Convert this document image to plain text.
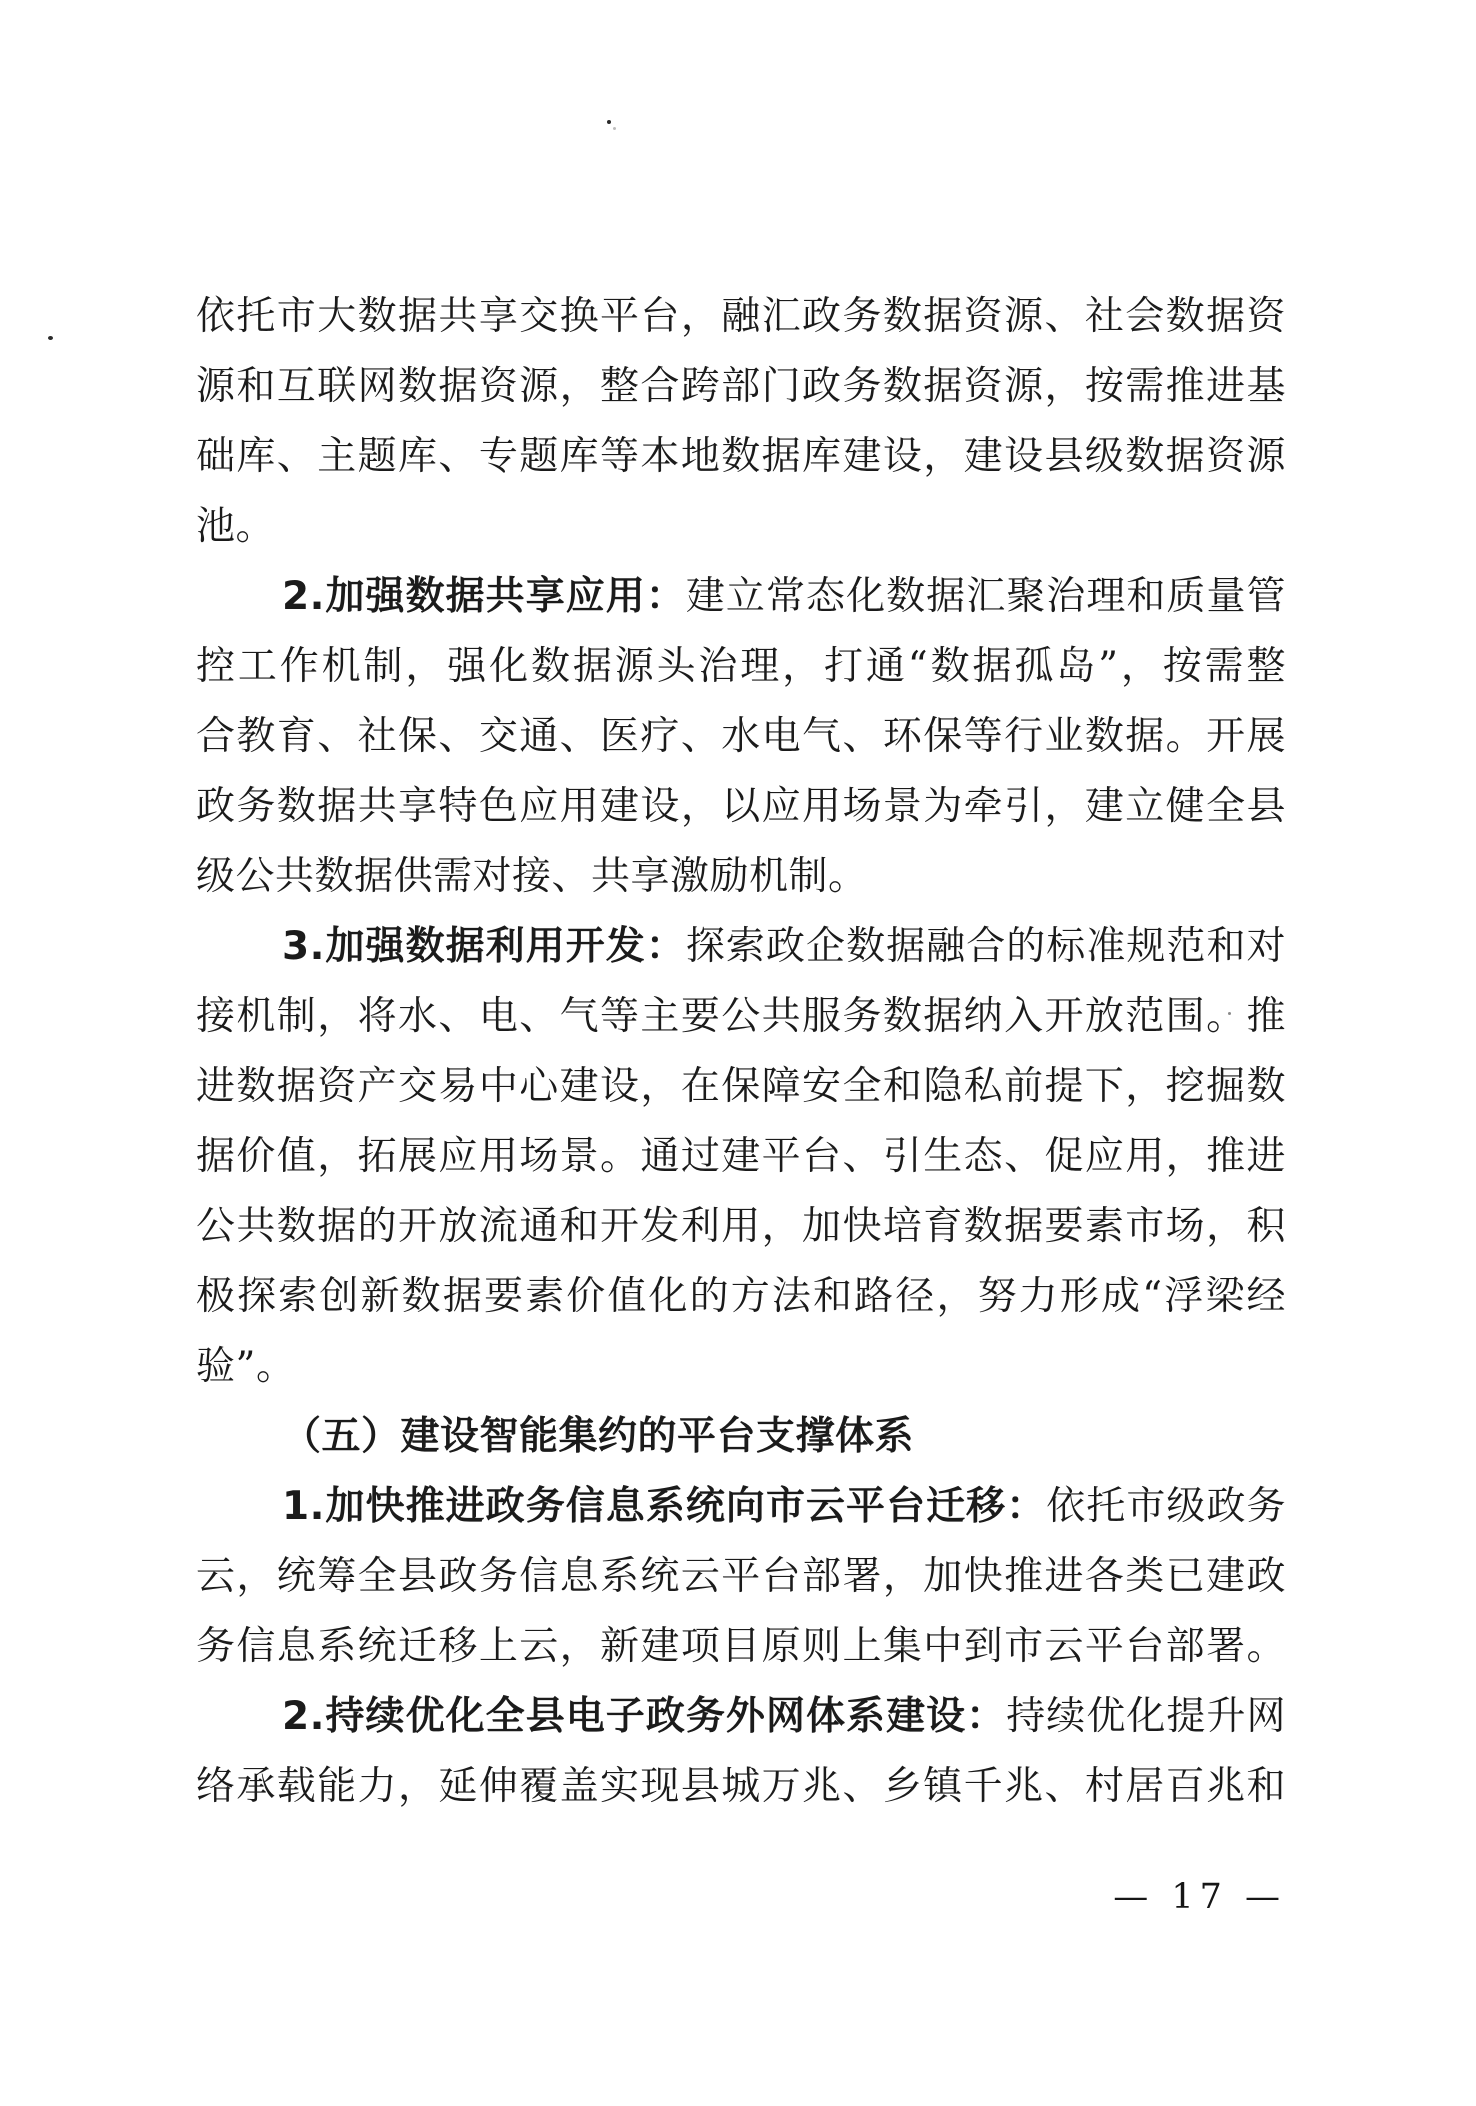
依托市大数据共享交换平台，融汇政务数据资源、社会数据资
源和互联网数据资源，整合跨部门政务数据资源，按需推进基
础库、主题库、专题库等本地数据库建设，建设县级数据资源
池。
2.加强数据共享应用：建立常态化数据汇聚治理和质量管
控工作机制，强化数据源头治理，打通“数据孤岛”，按需整
合教育、社保、交通、医疗、水电气、环保等行业数据。开展
政务数据共享特色应用建设，以应用场景为牵引，建立健全县
级公共数据供需对接、共享激励机制。
3.加强数据利用开发：探索政企数据融合的标准规范和对
接机制，将水、电、气等主要公共服务数据纳入开放范围。推
进数据资产交易中心建设，在保障安全和隐私前提下，挖掘数
据价值，拓展应用场景。通过建平台、引生态、促应用，推进
公共数据的开放流通和开发利用，加快培育数据要素市场，积
极探索创新数据要素价值化的方法和路径，努力形成“浮梁经
验”。
（五）建设智能集约的平台支撑体系
1.加快推进政务信息系统向市云平台迁移：依托市级政务
云，统筹全县政务信息系统云平台部署，加快推进各类已建政
务信息系统迁移上云，新建项目原则上集中到市云平台部署。
2.持续优化全县电子政务外网体系建设：持续优化提升网
络承载能力，延伸覆盖实现县城万兆、乡镇千兆、村居百兆和
— 17 —
